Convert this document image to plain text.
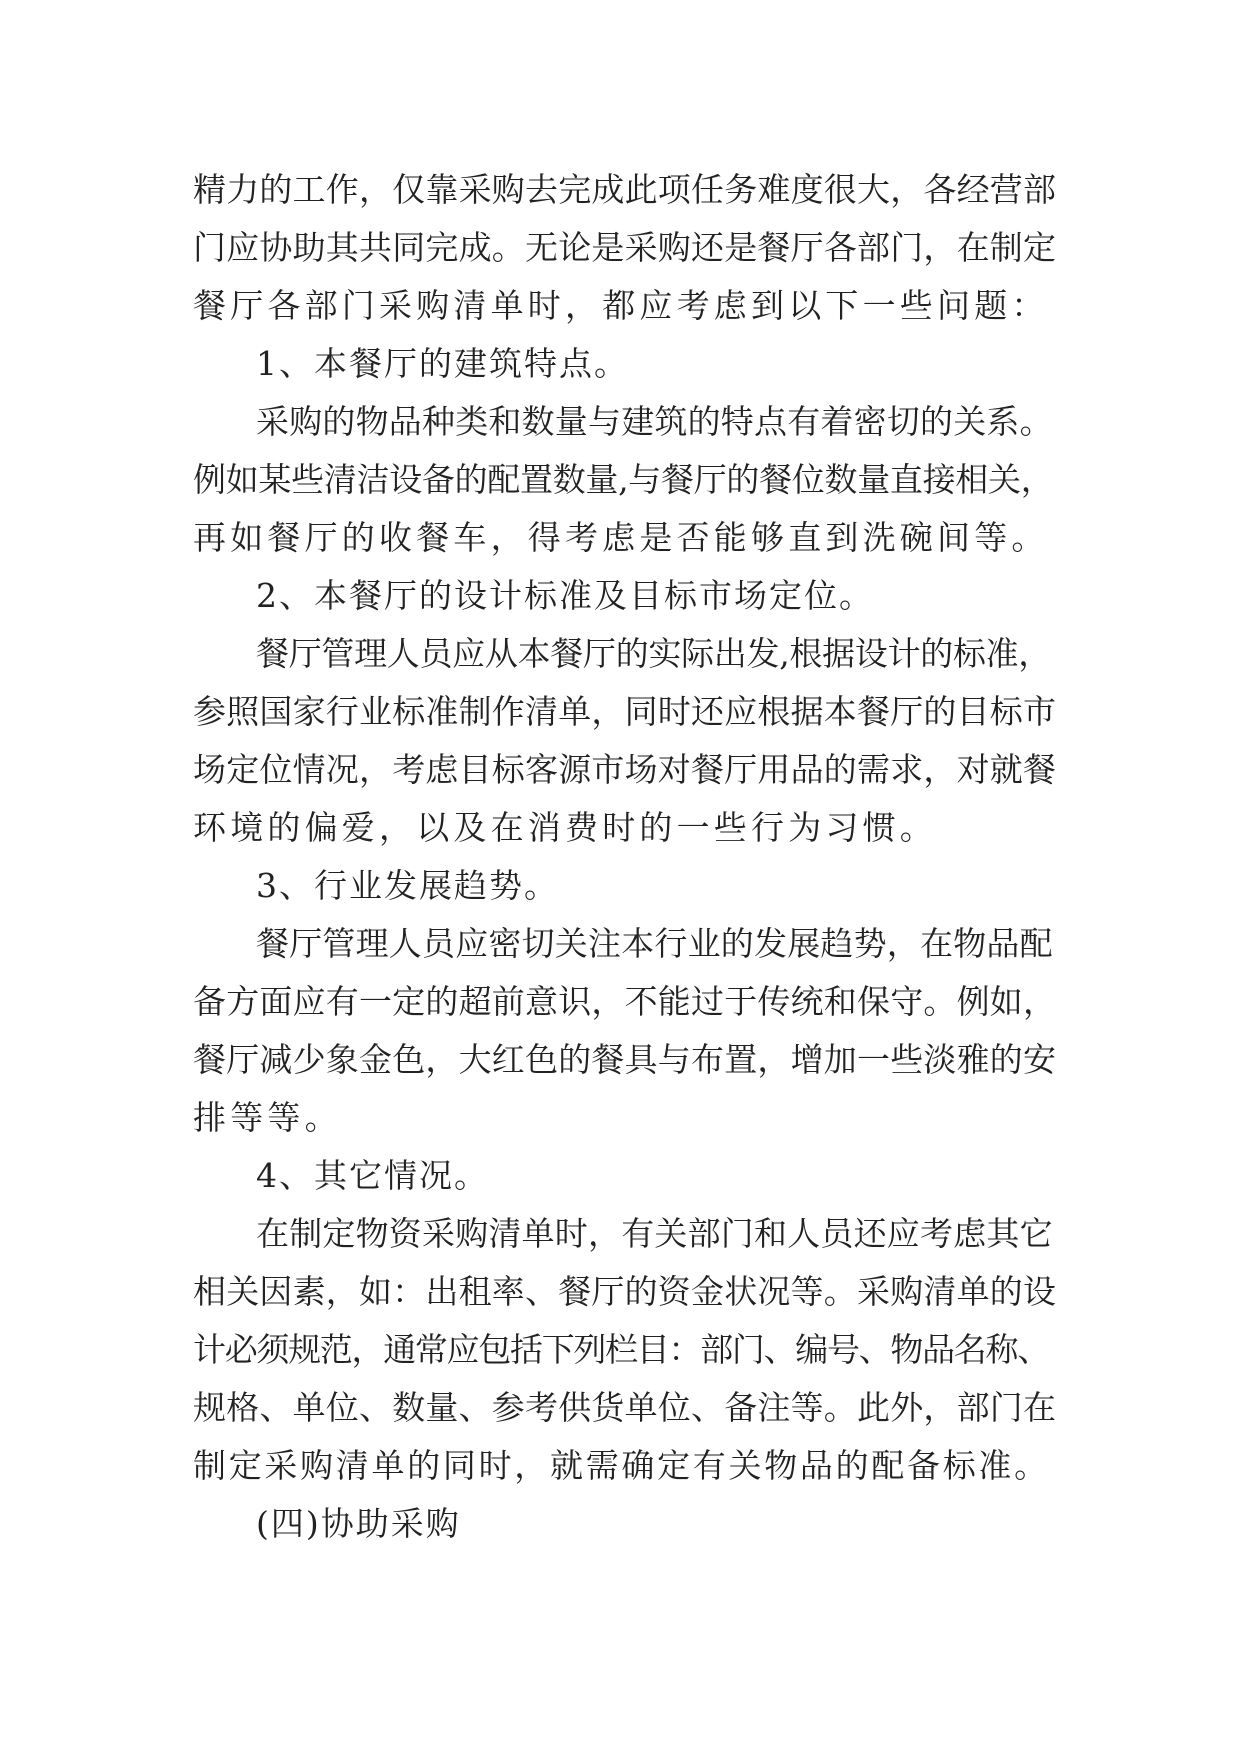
精力的工作，仅靠采购去完成此项任务难度很大，各经营部

门应协助其共同完成。无论是采购还是餐厅各部门，在制定

餐厅各部门采购清单时，都应考虑到以下一些问题：

1、本餐厅的建筑特点。

采购的物品种类和数量与建筑的特点有着密切的关系。

例如某些清洁设备的配置数量,与餐厅的餐位数量直接相关，

再如餐厅的收餐车，得考虑是否能够直到洗碗间等。

2、本餐厅的设计标准及目标市场定位。

餐厅管理人员应从本餐厅的实际出发,根据设计的标准，

参照国家行业标准制作清单，同时还应根据本餐厅的目标市

场定位情况，考虑目标客源市场对餐厅用品的需求，对就餐

环境的偏爱，以及在消费时的一些行为习惯。

3、行业发展趋势。

餐厅管理人员应密切关注本行业的发展趋势，在物品配

备方面应有一定的超前意识，不能过于传统和保守。例如，

餐厅减少象金色，大红色的餐具与布置，增加一些淡雅的安

排等等。

4、其它情况。

在制定物资采购清单时，有关部门和人员还应考虑其它

相关因素，如：出租率、餐厅的资金状况等。采购清单的设

计必须规范，通常应包括下列栏目：部门、编号、物品名称、

规格、单位、数量、参考供货单位、备注等。此外，部门在

制定采购清单的同时，就需确定有关物品的配备标准。

(四)协助采购
